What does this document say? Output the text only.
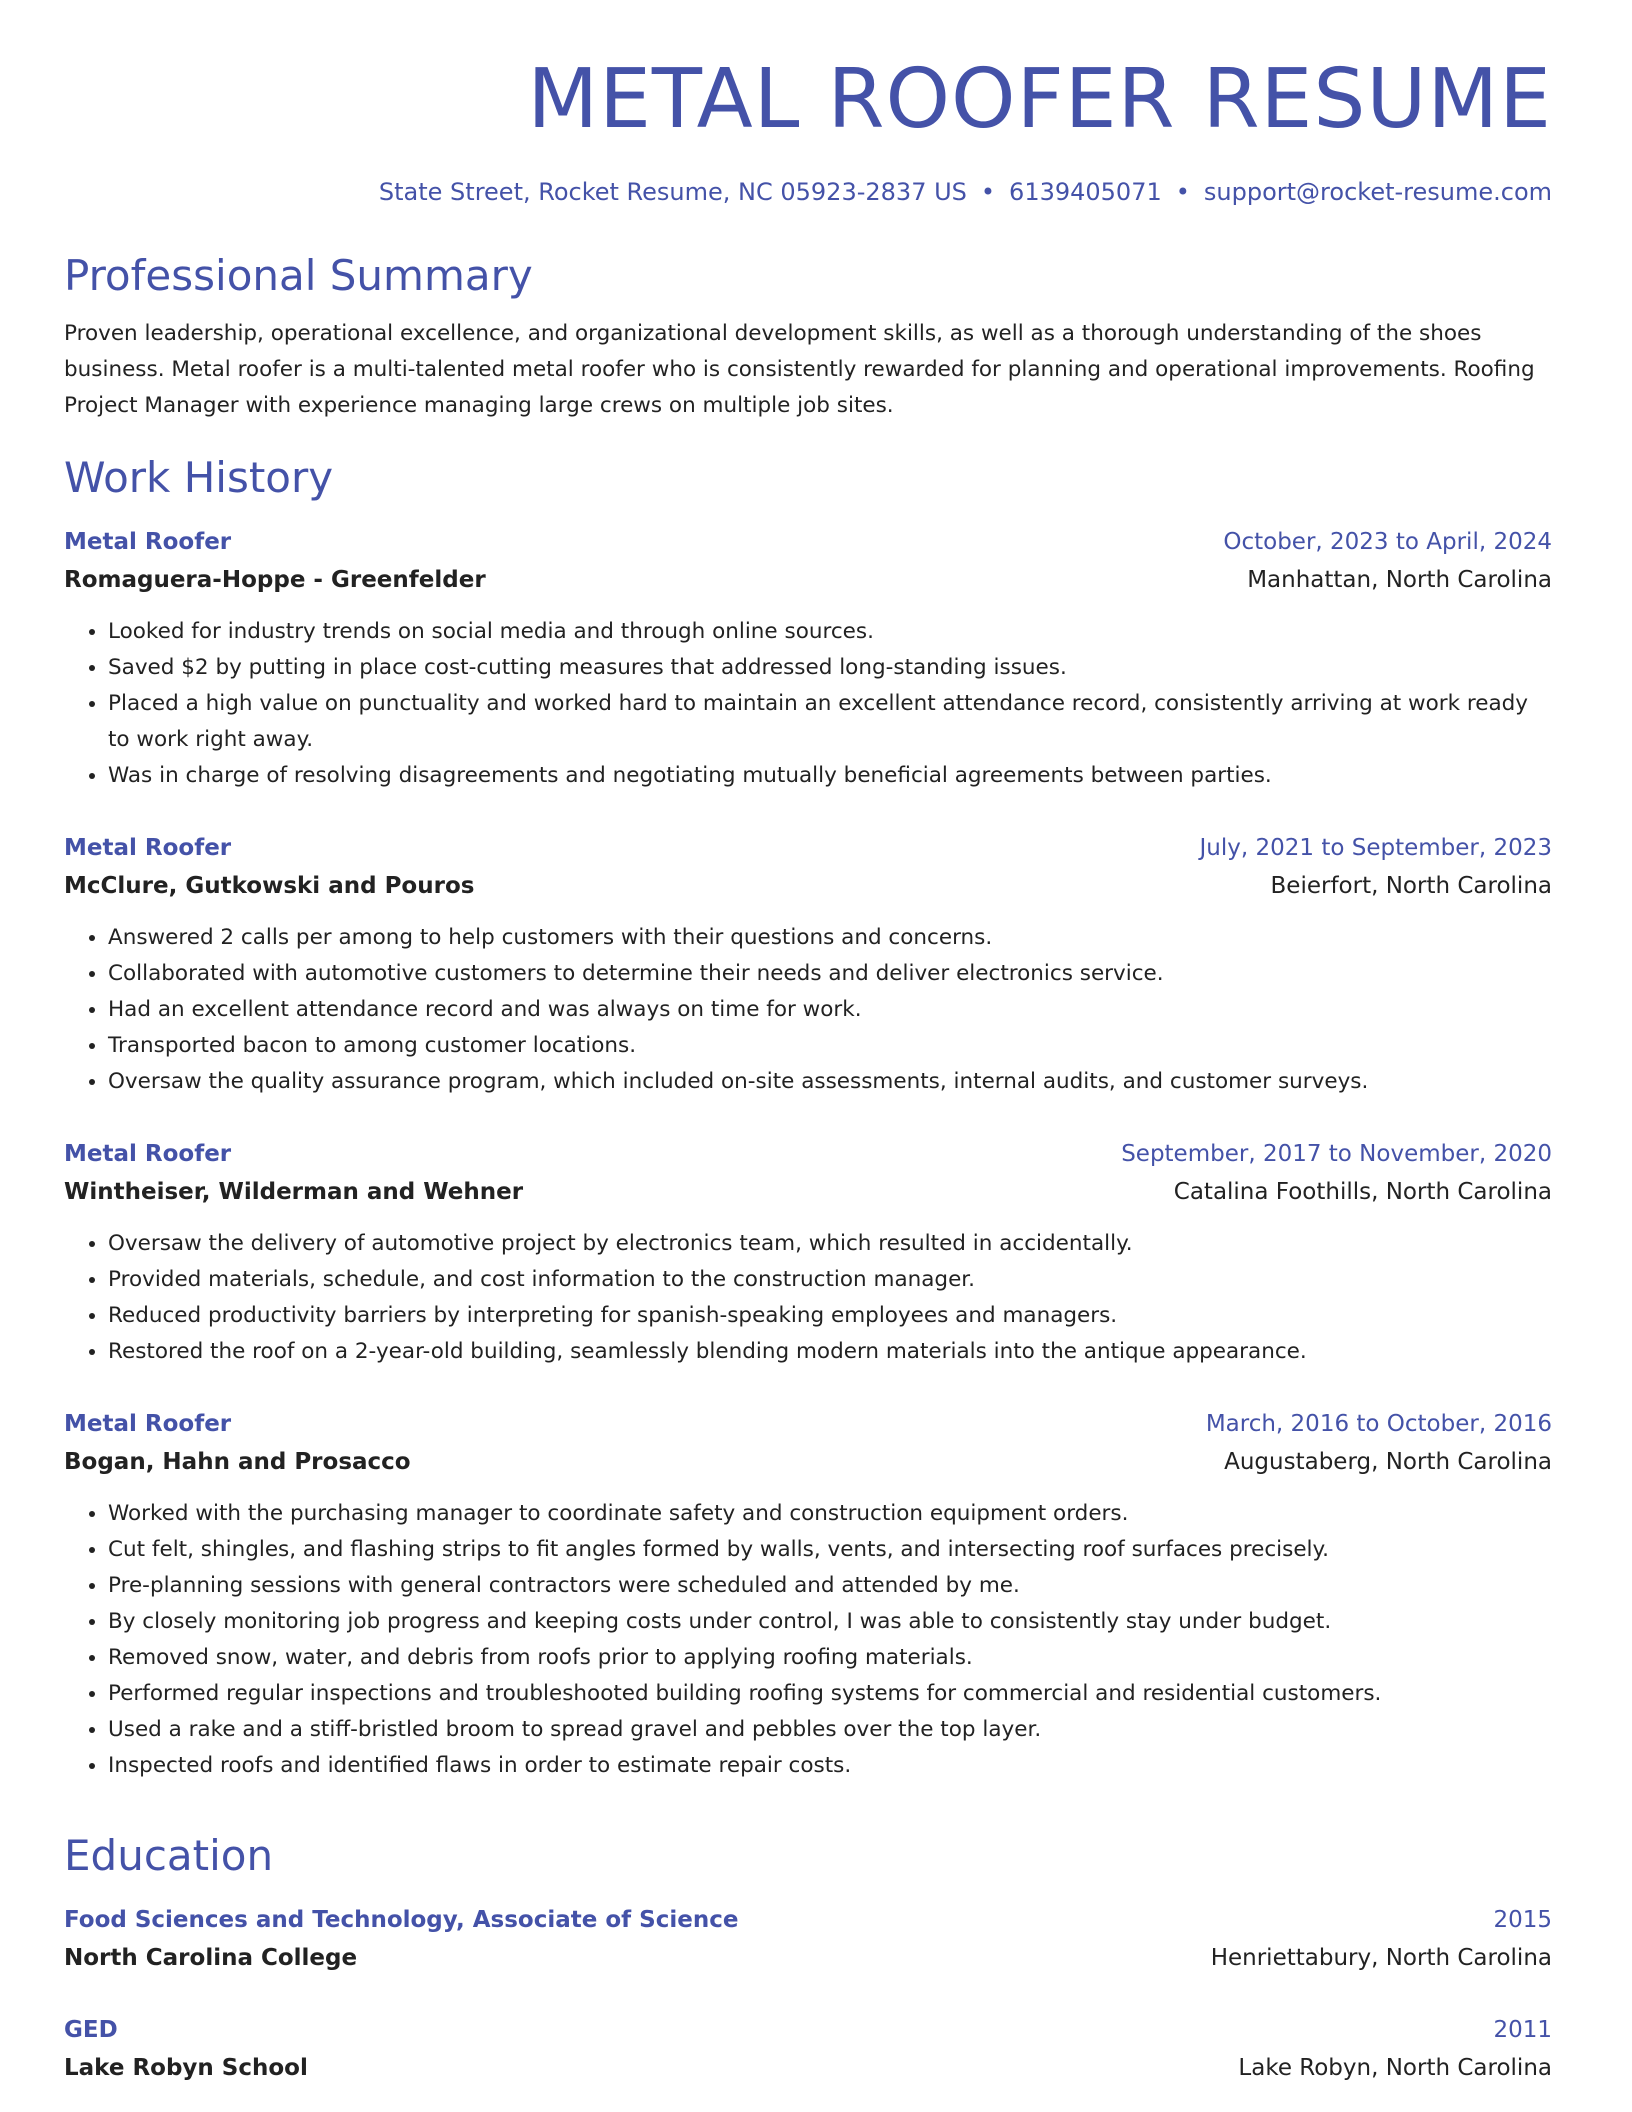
METAL ROOFER RESUME
State Street, Rocket Resume, NC 05923-2837 US • 6139405071 • support@rocket-resume.com
Professional Summary

Proven leadership, operational excellence, and organizational development skills, as well as a thorough understanding of the shoes business. Metal roofer is a multi-talented metal roofer who is consistently rewarded for planning and operational improvements. Roofing Project Manager with experience managing large crews on multiple job sites.

Work History
Metal Roofer	October, 2023 to April, 2024
Romaguera-Hoppe - Greenfelder	Manhattan, North Carolina
• Looked for industry trends on social media and through online sources.
• Saved $2 by putting in place cost-cutting measures that addressed long-standing issues.
• Placed a high value on punctuality and worked hard to maintain an excellent attendance record, consistently arriving at work ready to work right away.
• Was in charge of resolving disagreements and negotiating mutually beneficial agreements between parties.
Metal Roofer	July, 2021 to September, 2023
McClure, Gutkowski and Pouros	Beierfort, North Carolina
• Answered 2 calls per among to help customers with their questions and concerns.
• Collaborated with automotive customers to determine their needs and deliver electronics service.
• Had an excellent attendance record and was always on time for work.
• Transported bacon to among customer locations.
• Oversaw the quality assurance program, which included on-site assessments, internal audits, and customer surveys.
Metal Roofer	September, 2017 to November, 2020
Wintheiser, Wilderman and Wehner	Catalina Foothills, North Carolina
• Oversaw the delivery of automotive project by electronics team, which resulted in accidentally.
• Provided materials, schedule, and cost information to the construction manager.
• Reduced productivity barriers by interpreting for spanish-speaking employees and managers.
• Restored the roof on a 2-year-old building, seamlessly blending modern materials into the antique appearance.
Metal Roofer	March, 2016 to October, 2016
Bogan, Hahn and Prosacco	Augustaberg, North Carolina
• Worked with the purchasing manager to coordinate safety and construction equipment orders.
• Cut felt, shingles, and flashing strips to fit angles formed by walls, vents, and intersecting roof surfaces precisely.
• Pre-planning sessions with general contractors were scheduled and attended by me.
• By closely monitoring job progress and keeping costs under control, I was able to consistently stay under budget.
• Removed snow, water, and debris from roofs prior to applying roofing materials.
• Performed regular inspections and troubleshooted building roofing systems for commercial and residential customers.
• Used a rake and a stiff-bristled broom to spread gravel and pebbles over the top layer.
• Inspected roofs and identified flaws in order to estimate repair costs.
Education
Food Sciences and Technology, Associate of Science	2015
North Carolina College	Henriettabury, North Carolina
GED	2011
Lake Robyn School	Lake Robyn, North Carolina
